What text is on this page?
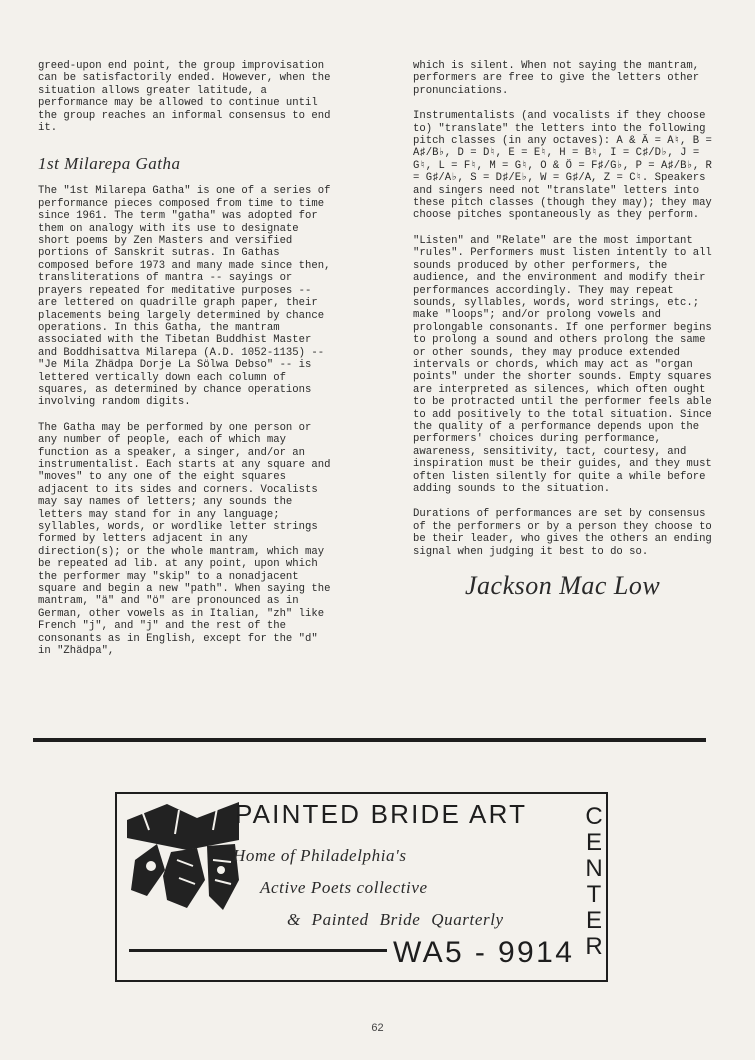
greed-upon end point, the group improvisation can be satisfactorily ended. However, when the situation allows greater latitude, a performance may be allowed to continue until the group reaches an informal consensus to end it.

1st Milarepa Gatha

The "1st Milarepa Gatha" is one of a series of performance pieces composed from time to time since 1961. The term "gatha" was adopted for them on analogy with its use to designate short poems by Zen Masters and versified portions of Sanskrit sutras. In Gathas composed before 1973 and many made since then, transliterations of mantra -- sayings or prayers repeated for meditative purposes -- are lettered on quadrille graph paper, their placements being largely determined by chance operations. In this Gatha, the mantram associated with the Tibetan Buddhist Master and Boddhisattva Milarepa (A.D. 1052-1135) -- "Je Mila Zhädpa Dorje La Sölwa Debso" -- is lettered vertically down each column of squares, as determined by chance operations involving random digits.

The Gatha may be performed by one person or any number of people, each of which may function as a speaker, a singer, and/or an instrumentalist. Each starts at any square and "moves" to any one of the eight squares adjacent to its sides and corners. Vocalists may say names of letters; any sounds the letters may stand for in any language; syllables, words, or wordlike letter strings formed by letters adjacent in any direction(s); or the whole mantram, which may be repeated ad lib. at any point, upon which the performer may "skip" to a nonadjacent square and begin a new "path". When saying the mantram, "ä" and "ö" are pronounced as in German, other vowels as in Italian, "zh" like French "j", and "j" and the rest of the consonants as in English, except for the "d" in "Zhädpa",

which is silent. When not saying the mantram, performers are free to give the letters other pronunciations.

Instrumentalists (and vocalists if they choose to) "translate" the letters into the following pitch classes (in any octaves): A & Ä = A♮, B = A♯/B♭, D = D♮, E = E♮, H = B♮, I = C♯/D♭, J = G♮, L = F♮, M = G♮, O & Ö = F♯/G♭, P = A♯/B♭, R = G♯/A♭, S = D♯/E♭, W = G♯/A, Z = C♮. Speakers and singers need not "translate" letters into these pitch classes (though they may); they may choose pitches spontaneously as they perform.

"Listen" and "Relate" are the most important "rules". Performers must listen intently to all sounds produced by other performers, the audience, and the environment and modify their performances accordingly. They may repeat sounds, syllables, words, word strings, etc.; make "loops"; and/or prolong vowels and prolongable consonants. If one performer begins to prolong a sound and others prolong the same or other sounds, they may produce extended intervals or chords, which may act as "organ points" under the shorter sounds. Empty squares are interpreted as silences, which often ought to be protracted until the performer feels able to add positively to the total situation. Since the quality of a performance depends upon the performers' choices during performance, awareness, sensitivity, tact, courtesy, and inspiration must be their guides, and they must often listen silently for quite a while before adding sounds to the situation.

Durations of performances are set by consensus of the performers or by a person they choose to be their leader, who gives the others an ending signal when judging it best to do so.

Jackson Mac Low
PAINTED BRIDE ART	CENTER
Home of Philadelphia's
Active Poets collective
& Painted Bride Quarterly
WA5 - 9914
62
